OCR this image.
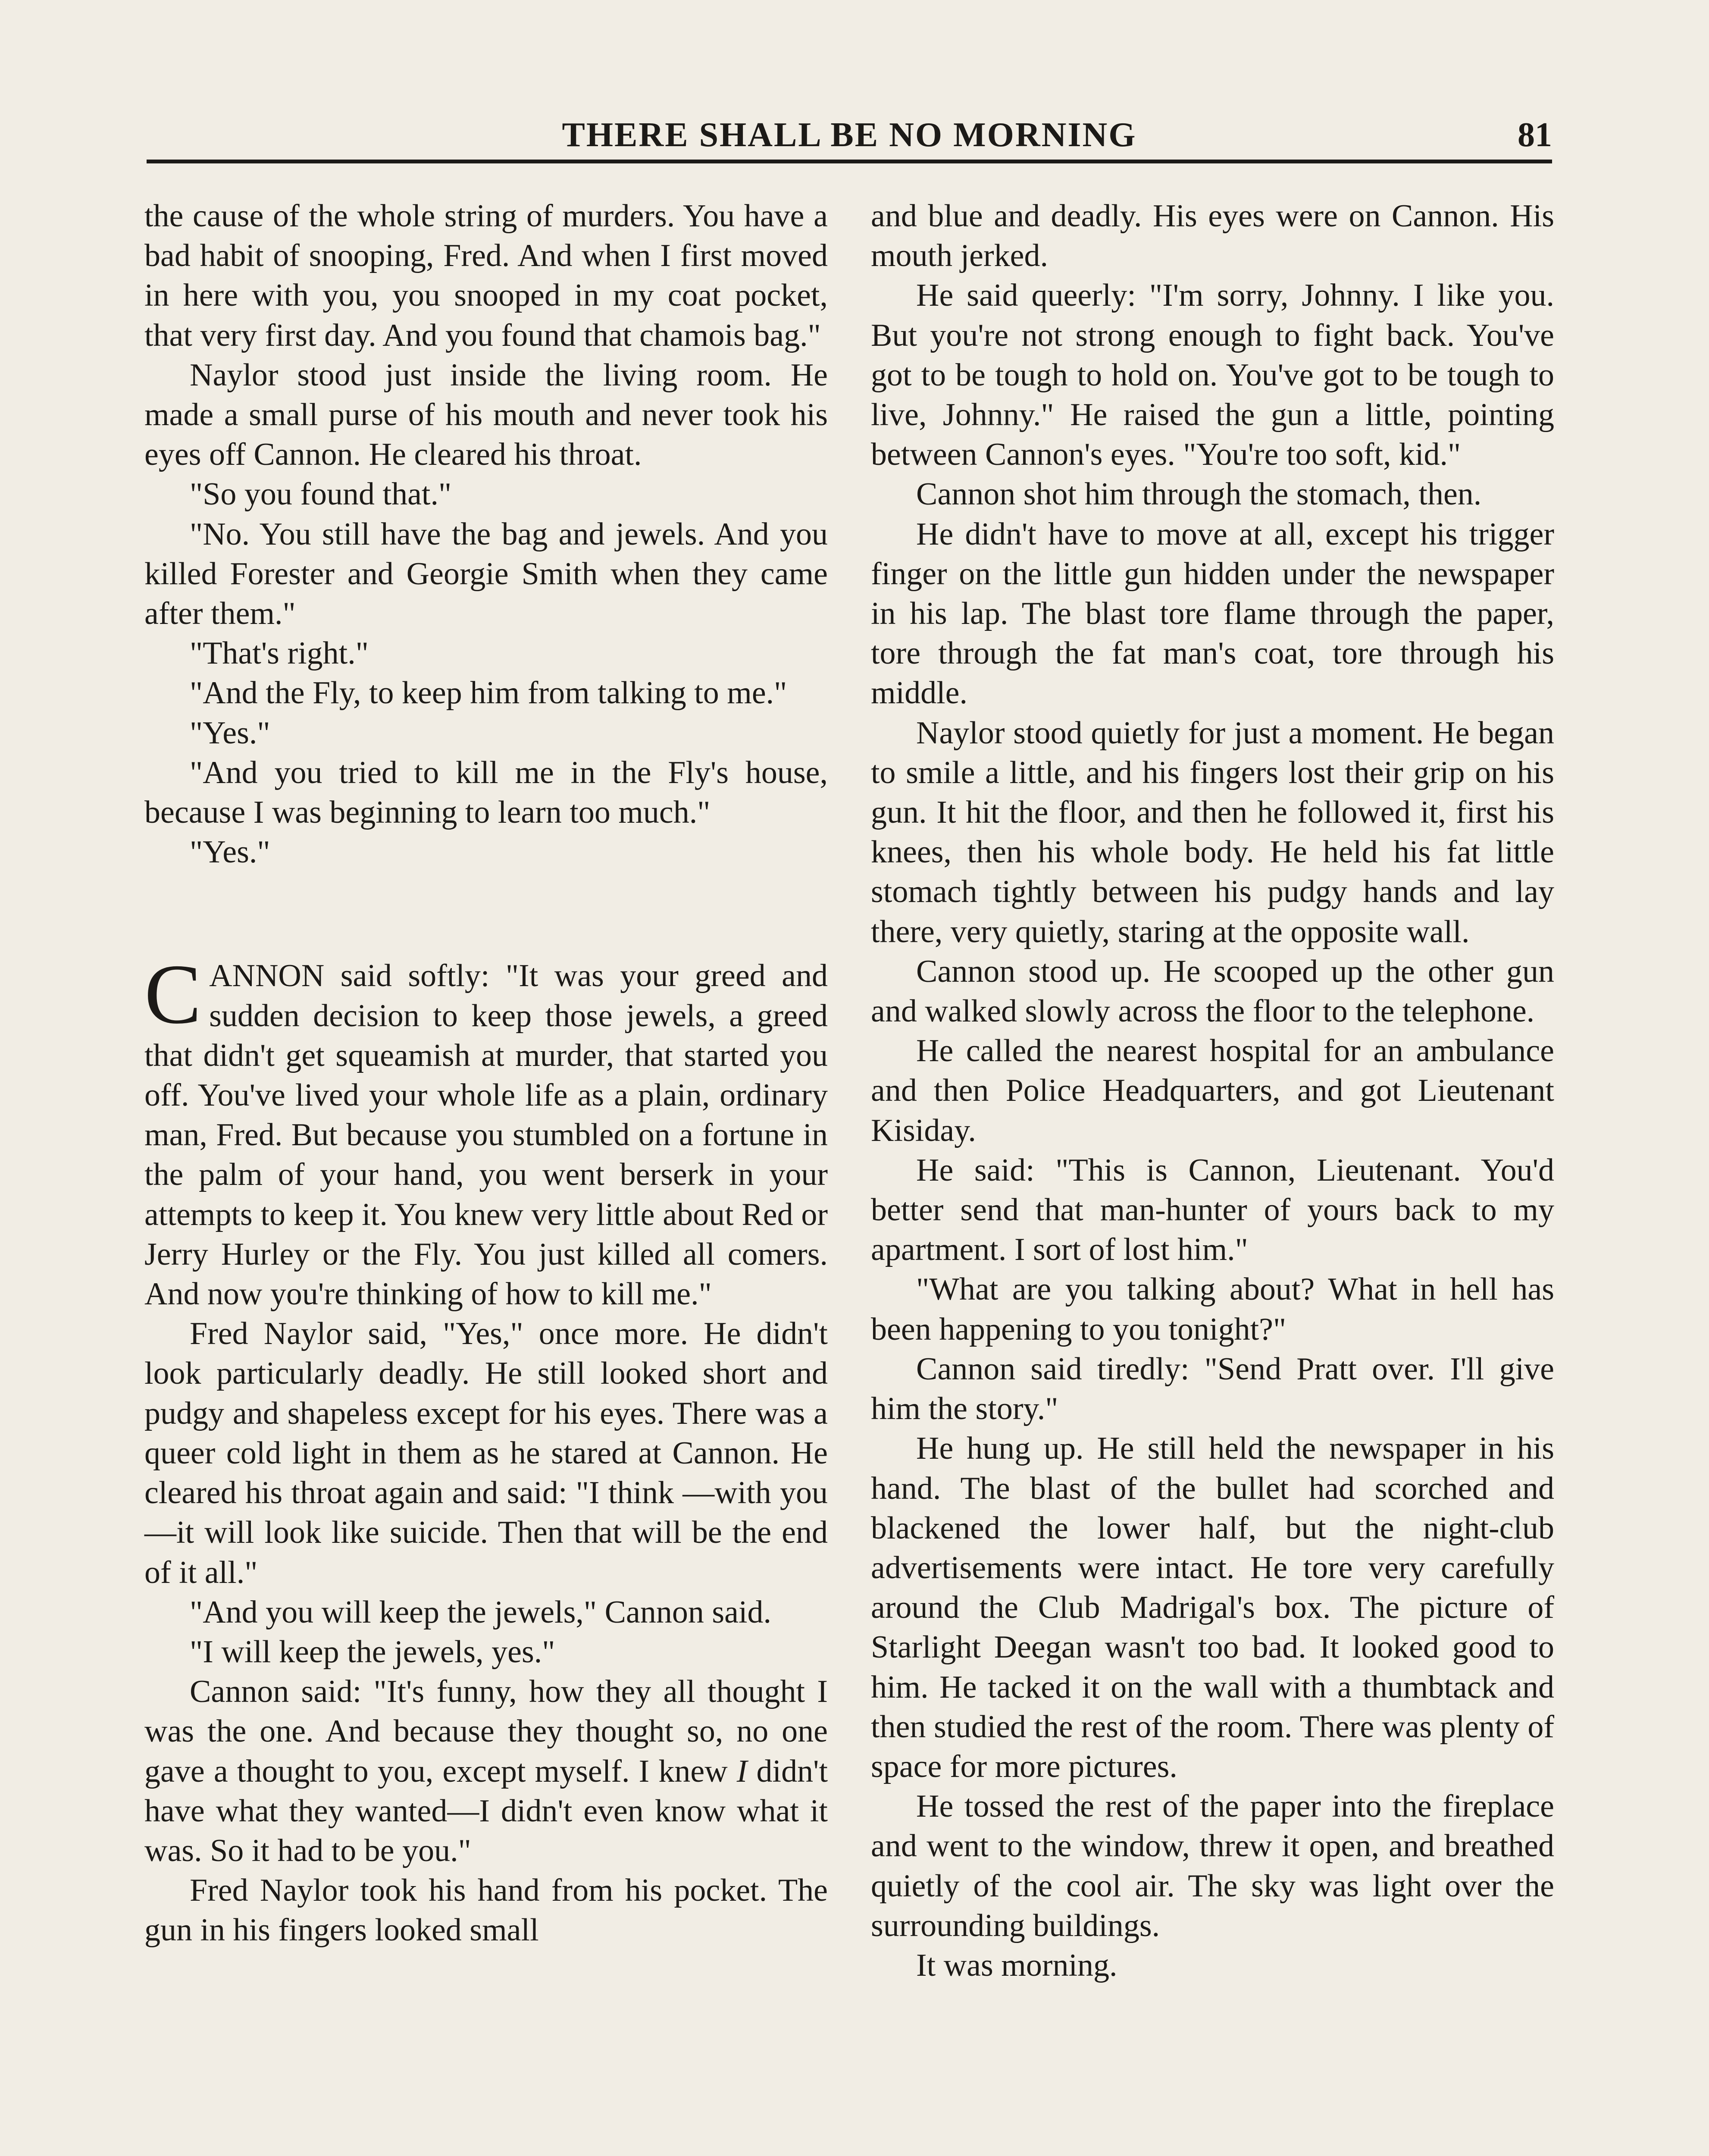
THERE SHALL BE NO MORNING	81

the cause of the whole string of murders. You have a bad habit of snooping, Fred. And when I first moved in here with you, you snooped in my coat pocket, that very first day. And you found that chamois bag."

Naylor stood just inside the living room. He made a small purse of his mouth and never took his eyes off Cannon. He cleared his throat.

"So you found that."

"No. You still have the bag and jewels. And you killed Forester and Georgie Smith when they came after them."

"That's right."

"And the Fly, to keep him from talking to me."

"Yes."

"And you tried to kill me in the Fly's house, because I was beginning to learn too much."

"Yes."

CANNON said softly: "It was your greed and sudden decision to keep those jewels, a greed that didn't get squeamish at murder, that started you off. You've lived your whole life as a plain, ordinary man, Fred. But because you stumbled on a fortune in the palm of your hand, you went berserk in your attempts to keep it. You knew very little about Red or Jerry Hurley or the Fly. You just killed all comers. And now you're thinking of how to kill me."

Fred Naylor said, "Yes," once more. He didn't look particularly deadly. He still looked short and pudgy and shapeless except for his eyes. There was a queer cold light in them as he stared at Cannon. He cleared his throat again and said: "I think —with you—it will look like suicide. Then that will be the end of it all."

"And you will keep the jewels," Cannon said.

"I will keep the jewels, yes."

Cannon said: "It's funny, how they all thought I was the one. And because they thought so, no one gave a thought to you, except myself. I knew I didn't have what they wanted—I didn't even know what it was. So it had to be you."

Fred Naylor took his hand from his pocket. The gun in his fingers looked small

and blue and deadly. His eyes were on Cannon. His mouth jerked.

He said queerly: "I'm sorry, Johnny. I like you. But you're not strong enough to fight back. You've got to be tough to hold on. You've got to be tough to live, Johnny." He raised the gun a little, pointing between Cannon's eyes. "You're too soft, kid."

Cannon shot him through the stomach, then.

He didn't have to move at all, except his trigger finger on the little gun hidden under the newspaper in his lap. The blast tore flame through the paper, tore through the fat man's coat, tore through his middle.

Naylor stood quietly for just a moment. He began to smile a little, and his fingers lost their grip on his gun. It hit the floor, and then he followed it, first his knees, then his whole body. He held his fat little stomach tightly between his pudgy hands and lay there, very quietly, staring at the opposite wall.

Cannon stood up. He scooped up the other gun and walked slowly across the floor to the telephone.

He called the nearest hospital for an ambulance and then Police Headquarters, and got Lieutenant Kisiday.

He said: "This is Cannon, Lieutenant. You'd better send that man-hunter of yours back to my apartment. I sort of lost him."

"What are you talking about? What in hell has been happening to you tonight?"

Cannon said tiredly: "Send Pratt over. I'll give him the story."

He hung up. He still held the newspaper in his hand. The blast of the bullet had scorched and blackened the lower half, but the night-club advertisements were intact. He tore very carefully around the Club Madrigal's box. The picture of Starlight Deegan wasn't too bad. It looked good to him. He tacked it on the wall with a thumbtack and then studied the rest of the room. There was plenty of space for more pictures.

He tossed the rest of the paper into the fireplace and went to the window, threw it open, and breathed quietly of the cool air. The sky was light over the surrounding buildings.

It was morning.
